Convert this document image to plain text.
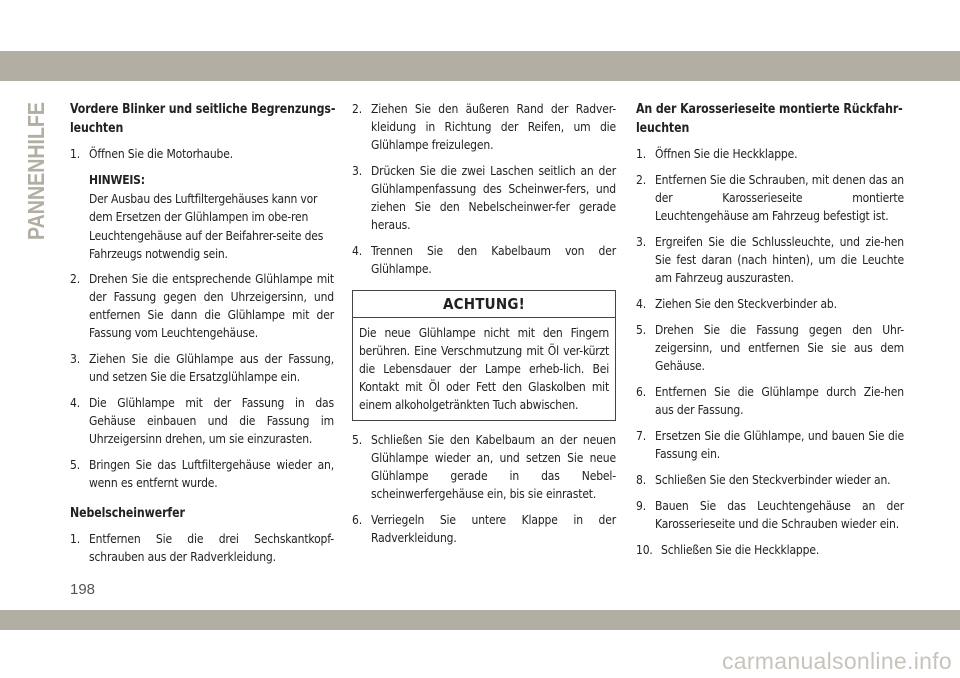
PANNENHILFE Vordere Blinker und seitliche Begrenzungs-
leuchten
1. Öffnen Sie die Motorhaube.
HINWEIS:
Der Ausbau des Luftfiltergehäuses kann vor dem Ersetzen der Glühlampen im obe-ren Leuchtengehäuse auf der Beifahrer-seite des Fahrzeugs notwendig sein.
2. Drehen Sie die entsprechende Glühlampe mit der Fassung gegen den Uhrzeigersinn, und entfernen Sie dann die Glühlampe mit der Fassung vom Leuchtengehäuse.
3. Ziehen Sie die Glühlampe aus der Fassung, und setzen Sie die Ersatzglühlampe ein.
4. Die Glühlampe mit der Fassung in das Gehäuse einbauen und die Fassung im Uhrzeigersinn drehen, um sie einzurasten.
5. Bringen Sie das Luftfiltergehäuse wieder an, wenn es entfernt wurde.
Nebelscheinwerfer
1. Entfernen Sie die drei Sechskantkopf-schrauben aus der Radverkleidung.
2. Ziehen Sie den äußeren Rand der Radver-kleidung in Richtung der Reifen, um die Glühlampe freizulegen.
3. Drücken Sie die zwei Laschen seitlich an der Glühlampenfassung des Scheinwer-fers, und ziehen Sie den Nebelscheinwer-fer gerade heraus.
4. Trennen Sie den Kabelbaum von der Glühlampe.
ACHTUNG!
Die neue Glühlampe nicht mit den Fingern berühren. Eine Verschmutzung mit Öl ver-kürzt die Lebensdauer der Lampe erheb-lich. Bei Kontakt mit Öl oder Fett den Glaskolben mit einem alkoholgetränkten Tuch abwischen.
5. Schließen Sie den Kabelbaum an der neuen Glühlampe wieder an, und setzen Sie neue Glühlampe gerade in das Nebel-scheinwerfergehäuse ein, bis sie einrastet.
6. Verriegeln Sie untere Klappe in der Radverkleidung.
An der Karosserieseite montierte Rückfahr-
leuchten
1. Öffnen Sie die Heckklappe.
2. Entfernen Sie die Schrauben, mit denen das an der Karosserieseite montierte Leuchtengehäuse am Fahrzeug befestigt ist.
3. Ergreifen Sie die Schlussleuchte, und zie-hen Sie fest daran (nach hinten), um die Leuchte am Fahrzeug auszurasten.
4. Ziehen Sie den Steckverbinder ab.
5. Drehen Sie die Fassung gegen den Uhr-zeigersinn, und entfernen Sie sie aus dem Gehäuse.
6. Entfernen Sie die Glühlampe durch Zie-hen aus der Fassung.
7. Ersetzen Sie die Glühlampe, und bauen Sie die Fassung ein.
8. Schließen Sie den Steckverbinder wieder an.
9. Bauen Sie das Leuchtengehäuse an der Karosserieseite und die Schrauben wieder ein.
10. Schließen Sie die Heckklappe.
198
carmanualsonline.info
